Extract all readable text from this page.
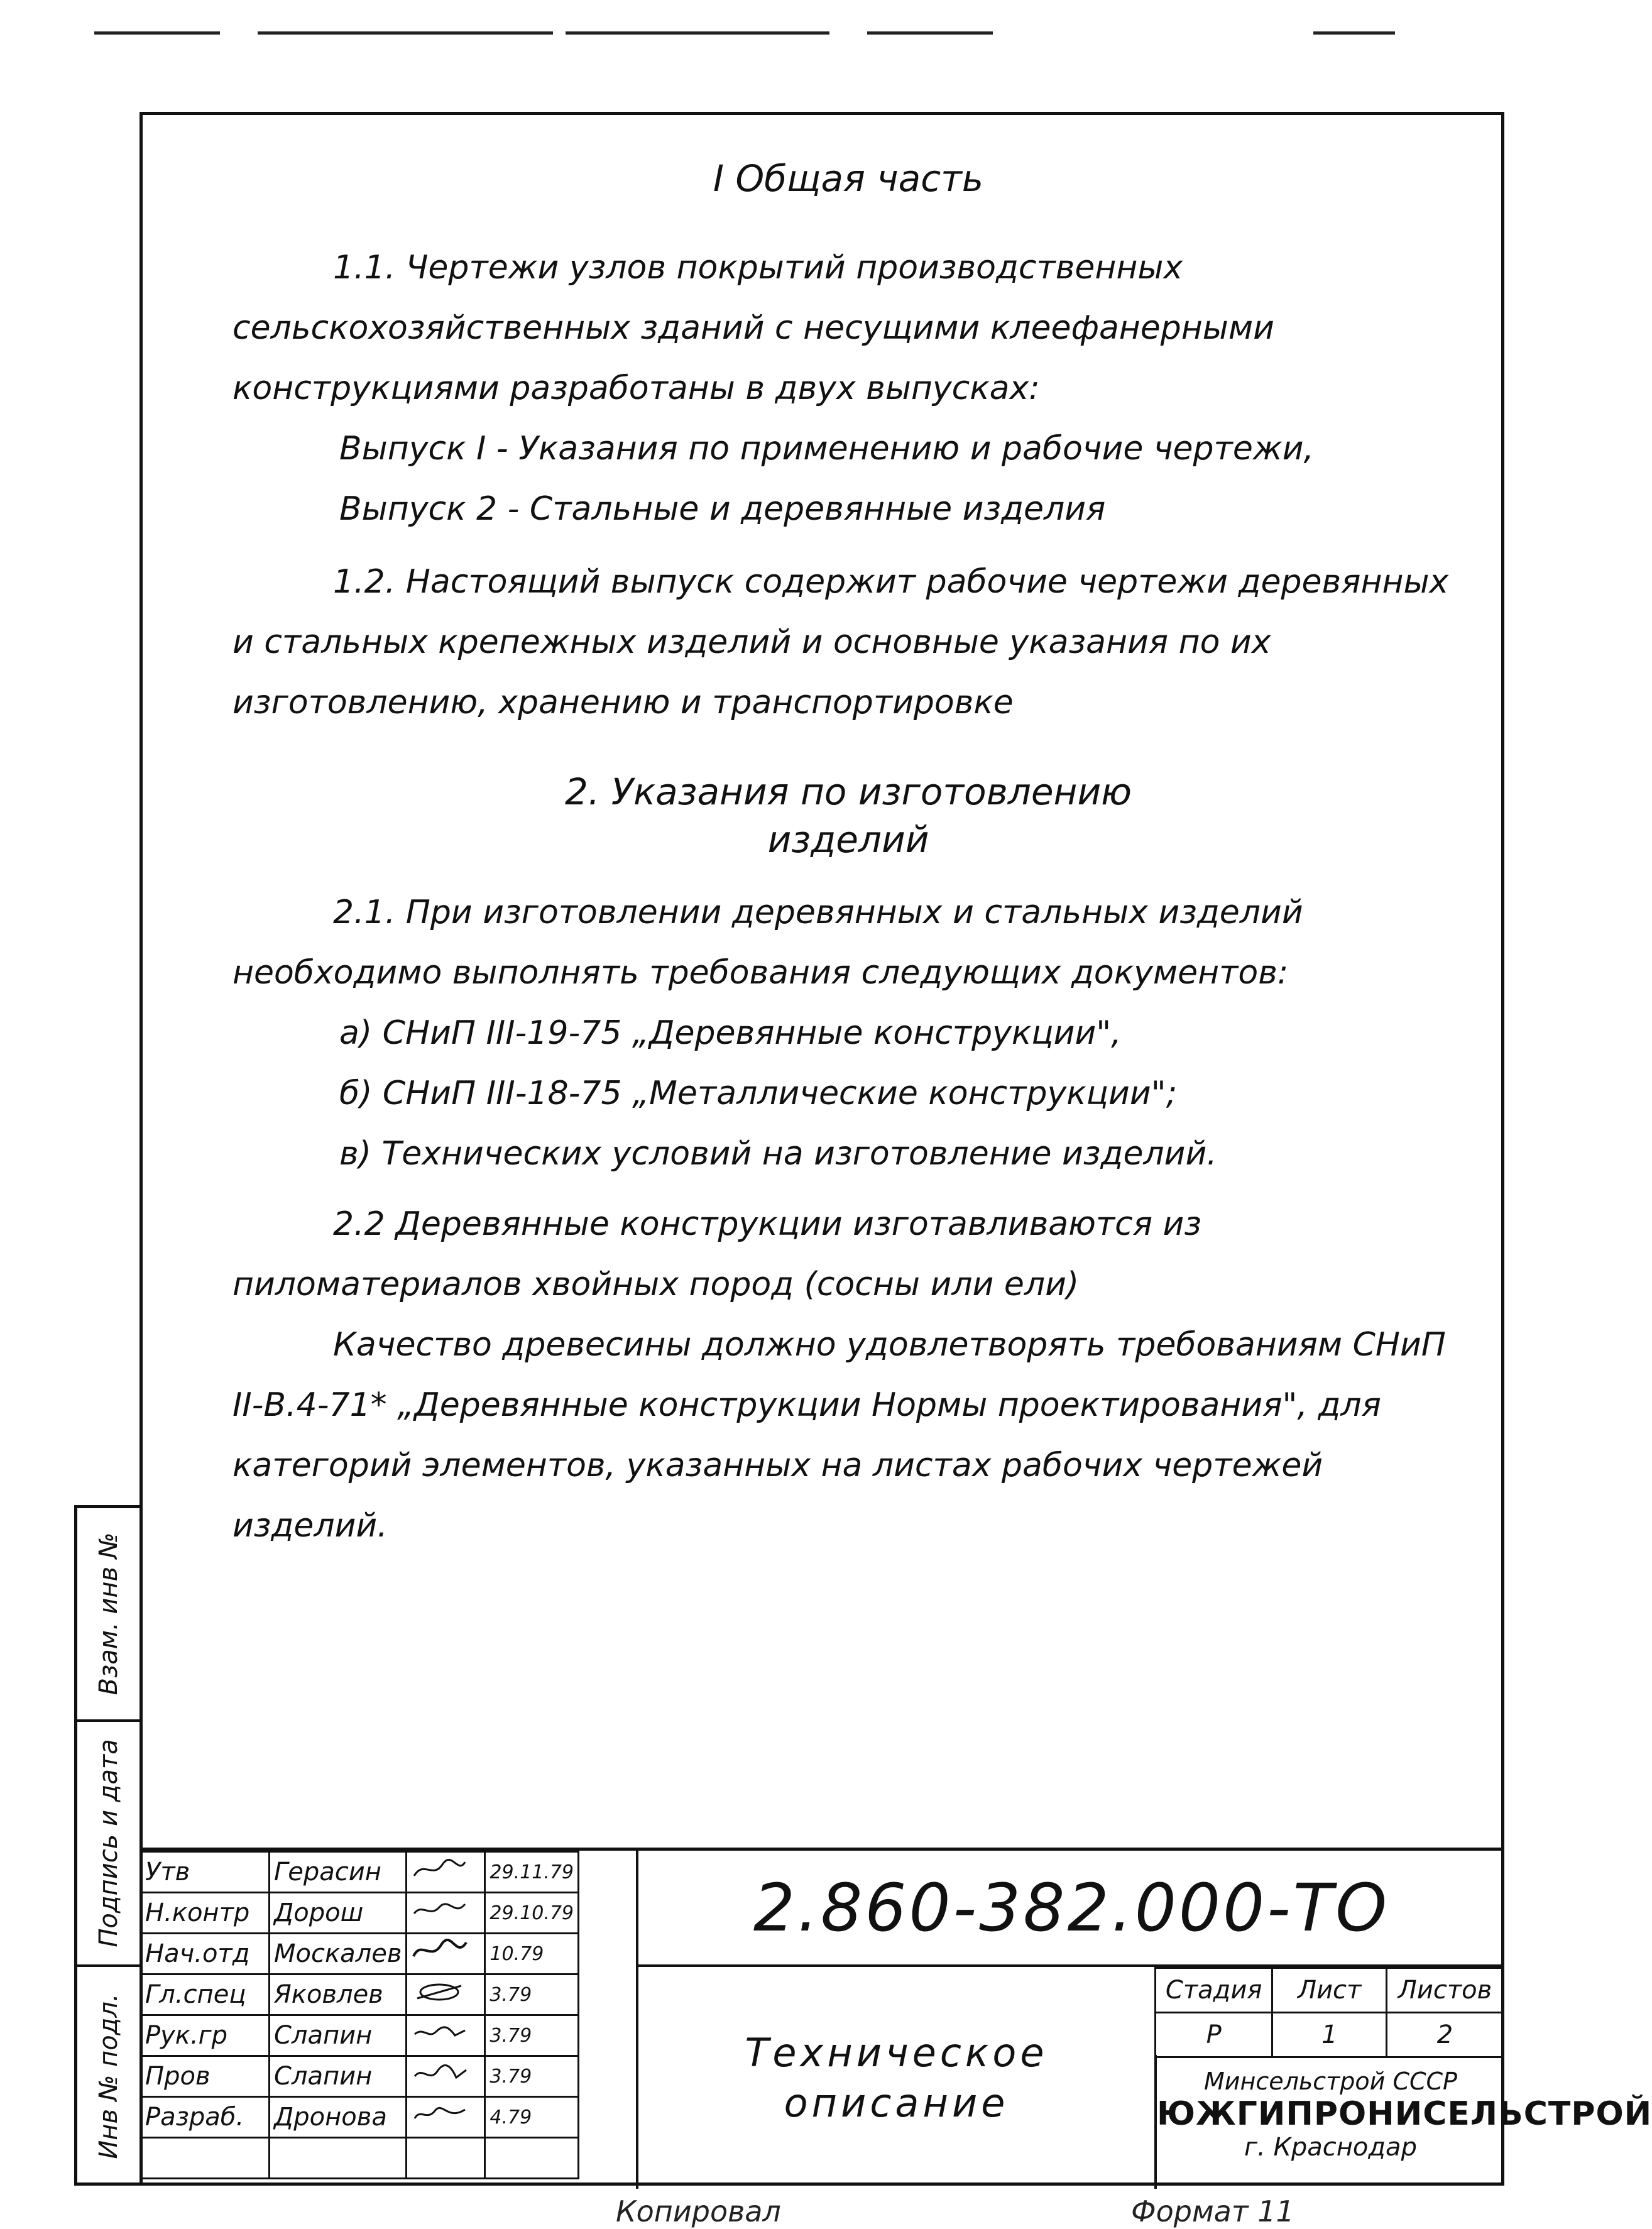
Взам. инв №
Подпись и дата
Инв № подл.
I Общая часть

1.1. Чертежи узлов покрытий производственных сельскохозяйственных зданий с несущими клеефанерными конструкциями разработаны в двух выпусках:

Выпуск I - Указания по применению и рабочие чертежи,

Выпуск 2 - Стальные и деревянные изделия

1.2. Настоящий выпуск содержит рабочие чертежи деревянных и стальных крепежных изделий и основные указания по их изготовлению, хранению и транспортировке

2. Указания по изготовлению
изделий

2.1. При изготовлении деревянных и стальных изделий необходимо выполнять требования следующих документов:

а) СНиП III-19-75 „Деревянные конструкции",

б) СНиП III-18-75 „Металлические конструкции";

в) Технических условий на изготовление изделий.

2.2 Деревянные конструкции изготавливаются из пиломатериалов хвойных пород (сосны или ели)

Качество древесины должно удовлетворять требованиям СНиП II-В.4-71* „Деревянные конструкции Нормы проектирования", для категорий элементов, указанных на листах рабочих чертежей изделий.

Утв	Герасин		29.11.79
Н.контр	Дорош		29.10.79
Нач.отд	Москалев		10.79
Гл.спец	Яковлев		3.79
Рук.гр	Слапин		3.79
Пров	Слапин		3.79
Разраб.	Дронова		4.79

2.860-382.000-ТО
Техническое
описание
Стадия	Лист	Листов
Р	1	2
Минсельстрой СССР
ЮЖГИПРОНИСЕЛЬСТРОЙ
г. Краснодар
Копировал	Формат 11
